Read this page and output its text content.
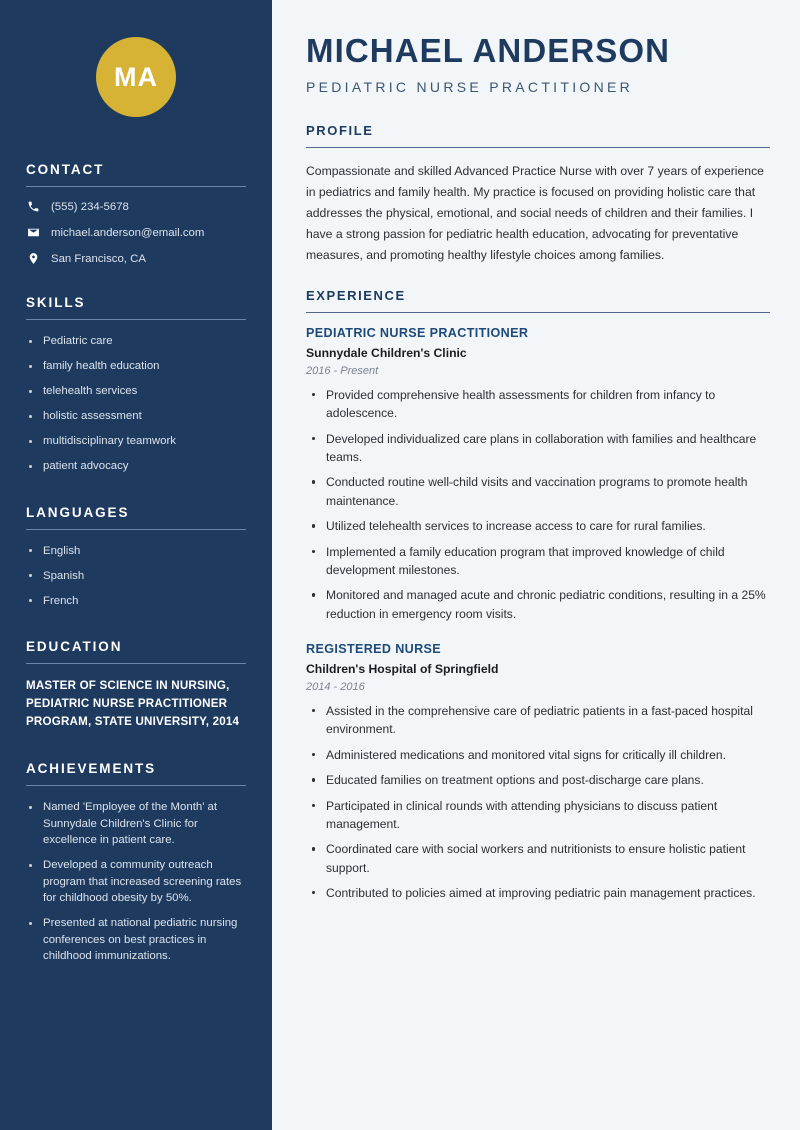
MA
CONTACT
(555) 234-5678
michael.anderson@email.com
San Francisco, CA
SKILLS
Pediatric care
family health education
telehealth services
holistic assessment
multidisciplinary teamwork
patient advocacy
LANGUAGES
English
Spanish
French
EDUCATION
MASTER OF SCIENCE IN NURSING, PEDIATRIC NURSE PRACTITIONER PROGRAM, STATE UNIVERSITY, 2014
ACHIEVEMENTS
Named 'Employee of the Month' at Sunnydale Children's Clinic for excellence in patient care.
Developed a community outreach program that increased screening rates for childhood obesity by 50%.
Presented at national pediatric nursing conferences on best practices in childhood immunizations.
MICHAEL ANDERSON
PEDIATRIC NURSE PRACTITIONER
PROFILE

Compassionate and skilled Advanced Practice Nurse with over 7 years of experience in pediatrics and family health. My practice is focused on providing holistic care that addresses the physical, emotional, and social needs of children and their families. I have a strong passion for pediatric health education, advocating for preventative measures, and promoting healthy lifestyle choices among families.

EXPERIENCE
PEDIATRIC NURSE PRACTITIONER
Sunnydale Children's Clinic
2016 - Present
Provided comprehensive health assessments for children from infancy to adolescence.
Developed individualized care plans in collaboration with families and healthcare teams.
Conducted routine well-child visits and vaccination programs to promote health maintenance.
Utilized telehealth services to increase access to care for rural families.
Implemented a family education program that improved knowledge of child development milestones.
Monitored and managed acute and chronic pediatric conditions, resulting in a 25% reduction in emergency room visits.
REGISTERED NURSE
Children's Hospital of Springfield
2014 - 2016
Assisted in the comprehensive care of pediatric patients in a fast-paced hospital environment.
Administered medications and monitored vital signs for critically ill children.
Educated families on treatment options and post-discharge care plans.
Participated in clinical rounds with attending physicians to discuss patient management.
Coordinated care with social workers and nutritionists to ensure holistic patient support.
Contributed to policies aimed at improving pediatric pain management practices.
